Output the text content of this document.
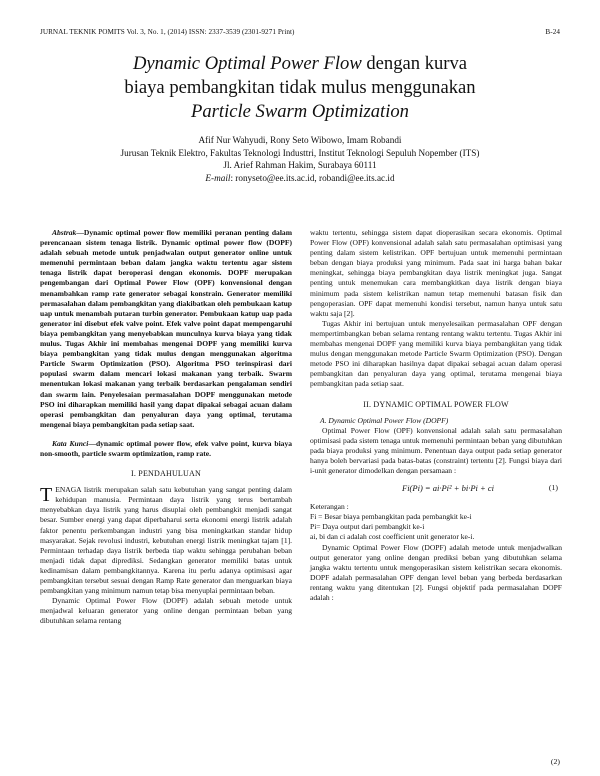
JURNAL TEKNIK POMITS Vol. 3, No. 1, (2014) ISSN: 2337-3539 (2301-9271 Print)	B-24
Dynamic Optimal Power Flow dengan kurva
biaya pembangkitan tidak mulus menggunakan
Particle Swarm Optimization
Afif Nur Wahyudi, Rony Seto Wibowo, Imam Robandi
Jurusan Teknik Elektro, Fakultas Teknologi Industtri, Institut Teknologi Sepuluh Nopember (ITS)
Jl. Arief Rahman Hakim, Surabaya 60111
E-mail: ronyseto@ee.its.ac.id, robandi@ee.its.ac.id

Abstrak—Dynamic optimal power flow memiliki peranan penting dalam perencanaan sistem tenaga listrik. Dynamic optimal power flow (DOPF) adalah sebuah metode untuk penjadwalan output generator online untuk memenuhi permintaan beban dalam jangka waktu tertentu agar sistem tenaga listrik dapat beroperasi dengan ekonomis. DOPF merupakan pengembangan dari Optimal Power Flow (OPF) konvensional dengan menambahkan ramp rate generator sebagai konstrain. Generator memiliki permasalahan dalam pembangkitan yang diakibatkan oleh pembukaan katup uap untuk menambah putaran turbin generator. Pembukaan katup uap pada generator ini disebut efek valve point. Efek valve point dapat mempengaruhi biaya pembangkitan yang menyebabkan munculnya kurva biaya yang tidak mulus. Tugas Akhir ini membahas mengenai DOPF yang memiliki kurva biaya pembangkitan yang tidak mulus dengan menggunakan algoritma Particle Swarm Optimization (PSO). Algoritma PSO terinspirasi dari populasi swarm dalam mencari lokasi makanan yang terbaik. Swarm menentukan lokasi makanan yang terbaik berdasarkan pengalaman sendiri dan swarm lain. Penyelesaian permasalahan DOPF menggunakan metode PSO ini diharapkan memiliki hasil yang dapat dipakai sebagai acuan dalam operasi pembangkitan dan penyaluran daya yang optimal, terutama mengenai biaya pembangkitan pada setiap saat.

Kata Kunci—dynamic optimal power flow, efek valve point, kurva biaya non-smooth, particle swarm optimization, ramp rate.

I. PENDAHULUAN

TENAGA listrik merupakan salah satu kebutuhan yang sangat penting dalam kehidupan manusia. Permintaan daya listrik yang terus bertambah menyebabkan daya listrik yang harus disuplai oleh pembangkit menjadi sangat besar. Sumber energi yang dapat diperbaharui serta ekonomi energi listrik adalah faktor penentu perkembangan industri yang bisa meningkatkan standar hidup masyarakat. Sejak revolusi industri, kebutuhan energi listrik meningkat tajam [1]. Permintaan terhadap daya listrik berbeda tiap waktu sehingga perubahan beban menjadi tidak dapat diprediksi. Sedangkan generator memiliki batas untuk kedinamisan dalam pembangkitannya. Karena itu perlu adanya optimisasi agar pembangkitan tersebut sesuai dengan Ramp Rate generator dan menguarkan biaya pembangkitan yang minimum namun tetap bisa menyuplai permintaan beban.

Dynamic Optimal Power Flow (DOPF) adalah sebuah metode untuk menjadwal keluaran generator yang online dengan permintaan beban yang dibutuhkan selama rentang

waktu tertentu, sehingga sistem dapat dioperasikan secara ekonomis. Optimal Power Flow (OPF) konvensional adalah salah satu permasalahan optimisasi yang penting dalam sistem kelistrikan. OPF bertujuan untuk memenuhi permintaan beban dengan biaya produksi yang minimum. Pada saat ini harga bahan bakar meningkat, sehingga biaya pembangkitan daya listrik meningkat juga. Sangat penting untuk menemukan cara membangkitkan daya listrik dengan biaya minimum pada sistem kelistrikan namun tetap memenuhi batasan fisik dan pengoperasian. OPF dapat memenuhi kondisi tersebut, namun hanya untuk satu waktu saja [2].

Tugas Akhir ini bertujuan untuk menyelesaikan permasalahan OPF dengan mempertimbangkan beban selama rentang rentang waktu tertentu. Tugas Akhir ini membahas mengenai DOPF yang memiliki kurva biaya pembangkitan yang tidak mulus dengan menggunakan metode Particle Swarm Optimization (PSO). Dengan metode PSO ini diharapkan hasilnya dapat dipakai sebagai acuan dalam operasi pembangkitan dan penyaluran daya yang optimal, terutama mengenai biaya pembangkitan pada setiap saat.

II. DYNAMIC OPTIMAL POWER FLOW

A. Dynamic Optimal Power Flow (DOPF)

Optimal Power Flow (OPF) konvensional adalah salah satu permasalahan optimisasi pada sistem tenaga untuk memenuhi permintaan beban yang dibutuhkan pada biaya produksi yang minimum. Penentuan daya output pada setiap generator hanya boleh bervariasi pada batas-batas (constraint) tertentu [2]. Fungsi biaya dari i-unit generator dimodelkan dengan persamaan :

Fi(Pi) = ai·Pi² + bi·Pi + ci	(1)

Keterangan :

Fi = Besar biaya pembangkitan pada pembangkit ke-i

Pi= Daya output dari pembangkit ke-i

ai, bi dan ci adalah cost coefficient unit generator ke-i.

Dynamic Optimal Power Flow (DOPF) adalah metode untuk menjadwalkan output generator yang online dengan prediksi beban yang dibutuhkan selama jangka waktu tertentu untuk mengoperasikan sistem kelistrikan secara ekonomis. DOPF adalah permasalahan OPF dengan level beban yang berbeda berdasarkan rentang waktu yang ditentukan [2]. Fungsi objektif pada permasalahan DOPF adalah :

(2)
